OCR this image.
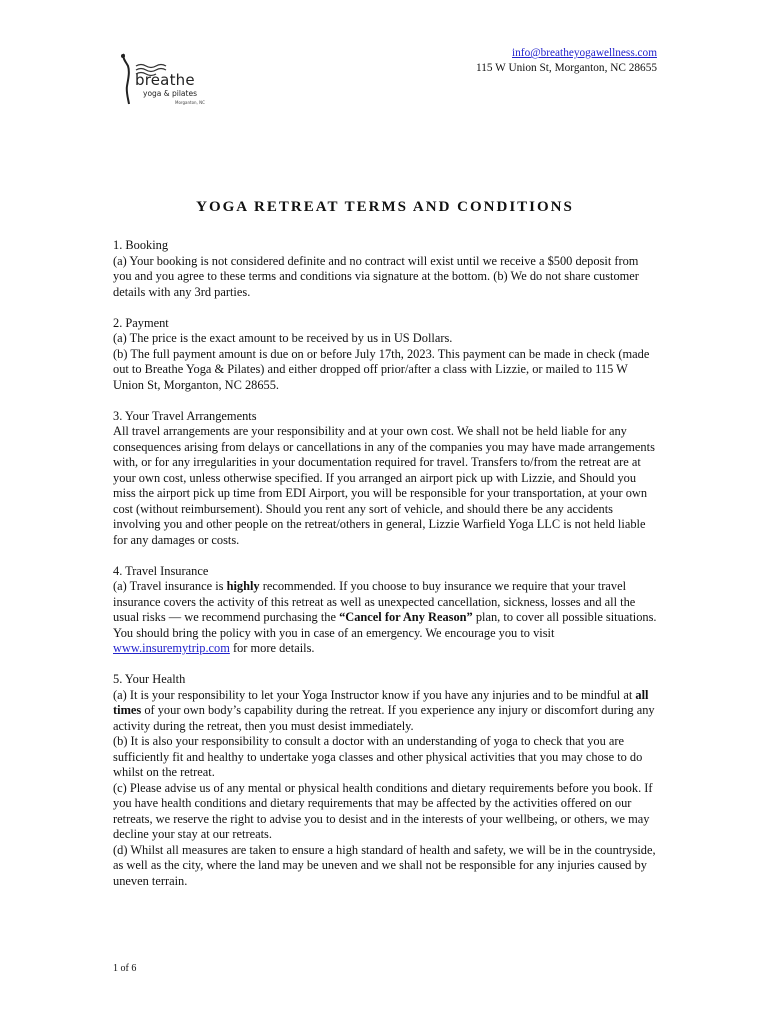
breathe
yoga & pilates
Morganton, NC
info@breatheyogawellness.com
115 W Union St, Morganton, NC 28655
YOGA RETREAT TERMS AND CONDITIONS

1. Booking

(a) Your booking is not considered definite and no contract will exist until we receive a $500 deposit from you and you agree to these terms and conditions via signature at the bottom. (b) We do not share customer details with any 3rd parties.

2. Payment

(a) The price is the exact amount to be received by us in US Dollars.

(b) The full payment amount is due on or before July 17th, 2023. This payment can be made in check (made out to Breathe Yoga & Pilates) and either dropped off prior/after a class with Lizzie, or mailed to 115 W Union St, Morganton, NC 28655.

3. Your Travel Arrangements

All travel arrangements are your responsibility and at your own cost. We shall not be held liable for any consequences arising from delays or cancellations in any of the companies you may have made arrangements with, or for any irregularities in your documentation required for travel. Transfers to/from the retreat are at your own cost, unless otherwise specified. If you arranged an airport pick up with Lizzie, and Should you miss the airport pick up time from EDI Airport, you will be responsible for your transportation, at your own cost (without reimbursement). Should you rent any sort of vehicle, and should there be any accidents involving you and other people on the retreat/others in general, Lizzie Warfield Yoga LLC is not held liable for any damages or costs.

4. Travel Insurance

(a) Travel insurance is highly recommended. If you choose to buy insurance we require that your travel insurance covers the activity of this retreat as well as unexpected cancellation, sickness, losses and all the usual risks — we recommend purchasing the “Cancel for Any Reason” plan, to cover all possible situations. You should bring the policy with you in case of an emergency. We encourage you to visit www.insuremytrip.com for more details.

5. Your Health

(a) It is your responsibility to let your Yoga Instructor know if you have any injuries and to be mindful at all times of your own body’s capability during the retreat. If you experience any injury or discomfort during any activity during the retreat, then you must desist immediately.

(b) It is also your responsibility to consult a doctor with an understanding of yoga to check that you are sufficiently fit and healthy to undertake yoga classes and other physical activities that you may chose to do whilst on the retreat.

(c) Please advise us of any mental or physical health conditions and dietary requirements before you book. If you have health conditions and dietary requirements that may be affected by the activities offered on our retreats, we reserve the right to advise you to desist and in the interests of your wellbeing, or others, we may decline your stay at our retreats.

(d) Whilst all measures are taken to ensure a high standard of health and safety, we will be in the countryside, as well as the city, where the land may be uneven and we shall not be responsible for any injuries caused by uneven terrain.

1 of 6
